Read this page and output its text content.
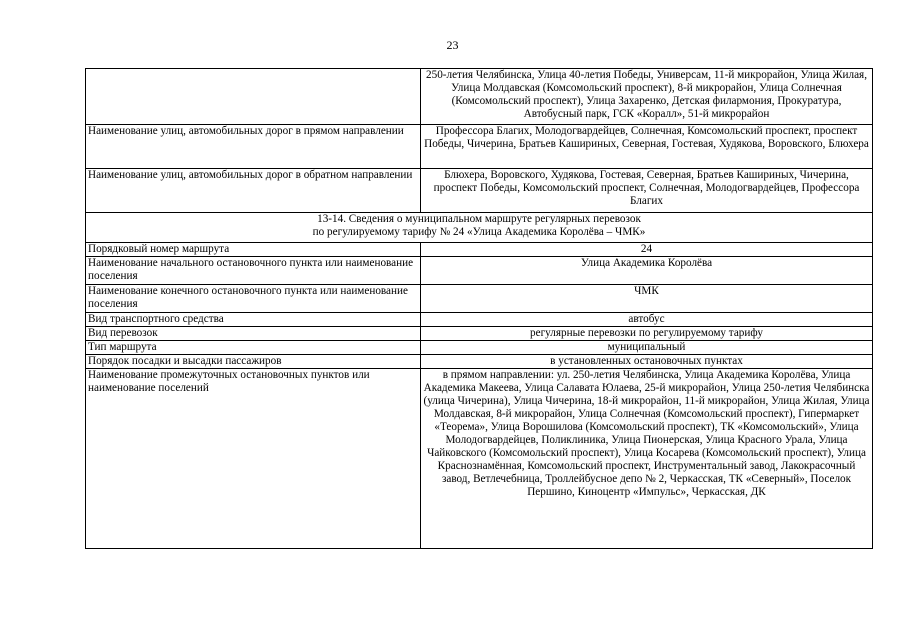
23
	250-летия Челябинска, Улица 40-летия Победы, Универсам, 11-й микрорайон, Улица Жилая, Улица Молдавская (Комсомольский проспект), 8-й микрорайон, Улица Солнечная (Комсомольский проспект), Улица Захаренко, Детская филармония, Прокуратура, Автобусный парк, ГСК «Коралл», 51-й микрорайон
Наименование улиц, автомобильных дорог в прямом направлении	Профессора Благих, Молодогвардейцев, Солнечная, Комсомольский проспект, проспект Победы, Чичерина, Братьев Кашириных, Северная, Гостевая, Худякова, Воровского, Блюхера
Наименование улиц, автомобильных дорог в обратном направлении	Блюхера, Воровского, Худякова, Гостевая, Северная, Братьев Кашириных, Чичерина, проспект Победы, Комсомольский проспект, Солнечная, Молодогвардейцев, Профессора Благих

13-14. Сведения о муниципальном маршруте регулярных перевозок
по регулируемому тарифу № 24 «Улица Академика Королёва – ЧМК»	

Порядковый номер маршрута	24
Наименование начального остановочного пункта или наименование поселения	Улица Академика Королёва
Наименование конечного остановочного пункта или наименование поселения	ЧМК
Вид транспортного средства	автобус
Вид перевозок	регулярные перевозки по регулируемому тарифу
Тип маршрута	муниципальный
Порядок посадки и высадки пассажиров	в установленных остановочных пунктах
Наименование промежуточных остановочных пунктов или наименование поселений	в прямом направлении: ул. 250-летия Челябинска, Улица Академика Королёва, Улица Академика Макеева, Улица Салавата Юлаева, 25-й микрорайон, Улица 250-летия Челябинска (улица Чичерина), Улица Чичерина, 18-й микрорайон, 11-й микрорайон, Улица Жилая, Улица Молдавская, 8-й микрорайон, Улица Солнечная (Комсомольский проспект), Гипермаркет «Теорема», Улица Ворошилова (Комсомольский проспект), ТК «Комсомольский», Улица Молодогвардейцев, Поликлиника, Улица Пионерская, Улица Красного Урала, Улица Чайковского (Комсомольский проспект), Улица Косарева (Комсомольский проспект), Улица Краснознамённая, Комсомольский проспект, Инструментальный завод, Лакокрасочный завод, Ветлечебница, Троллейбусное депо № 2, Черкасская, ТК «Северный», Поселок Першино, Киноцентр «Импульс», Черкасская, ДК
